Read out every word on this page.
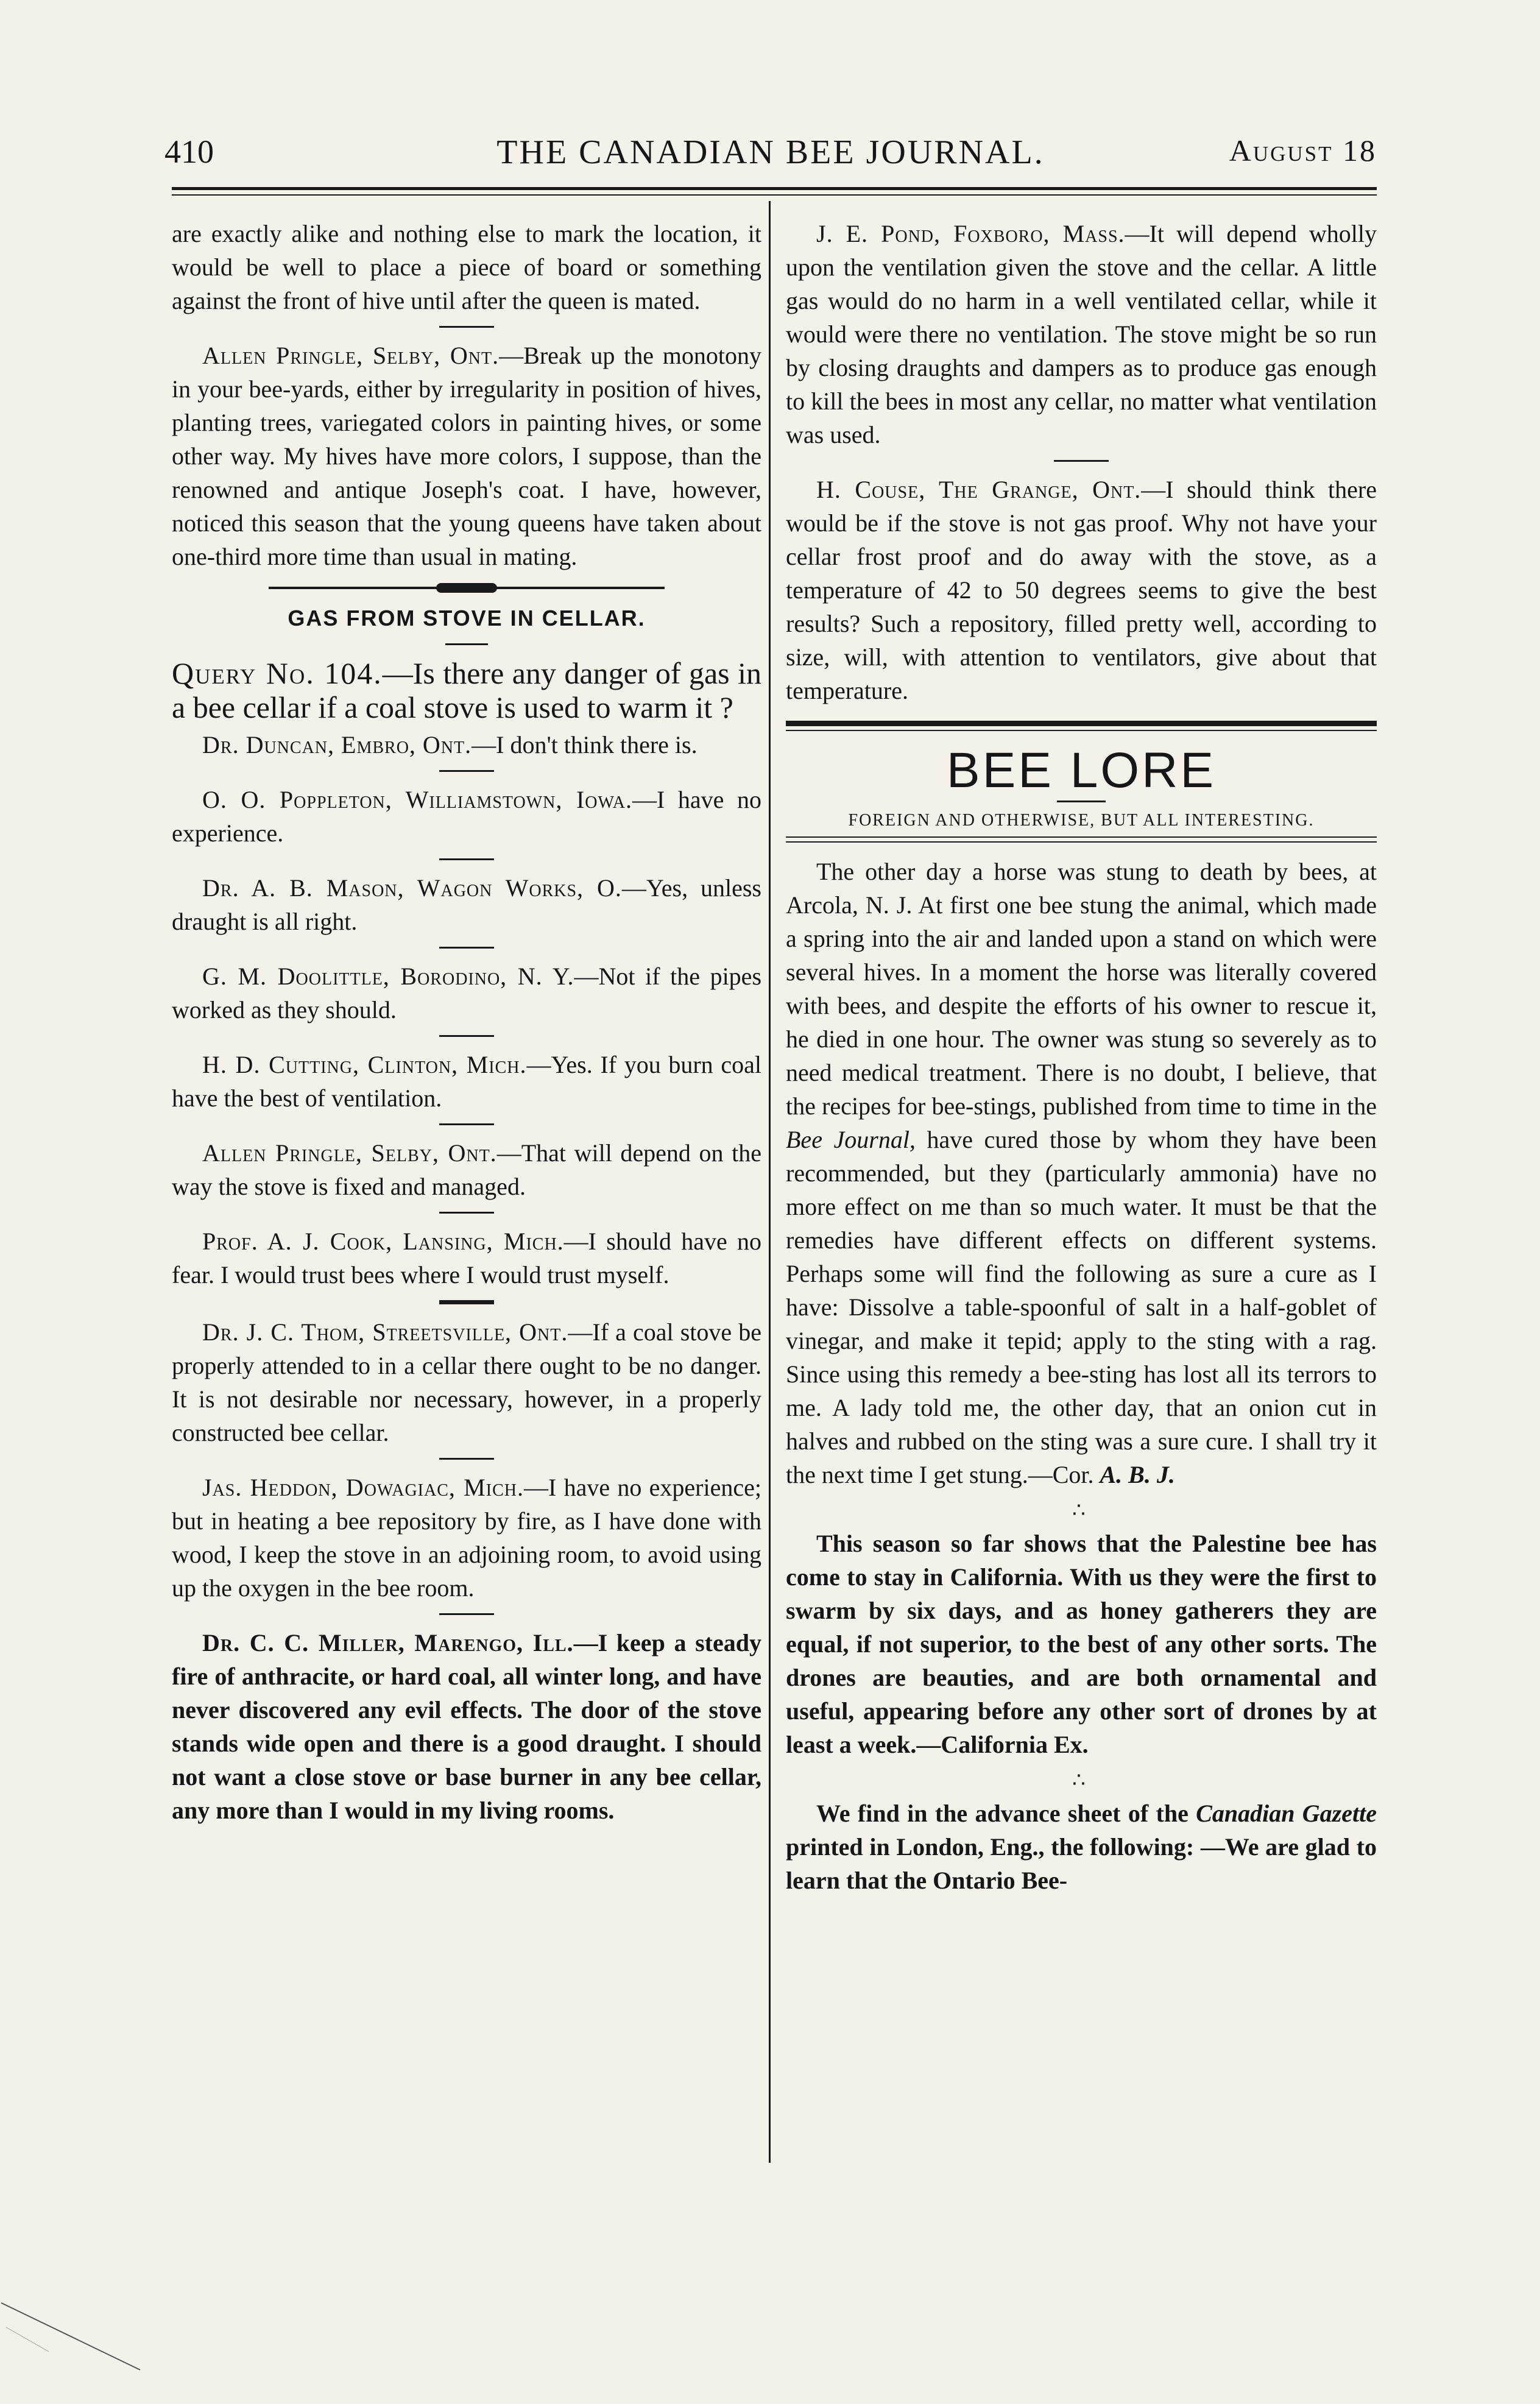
410	THE CANADIAN BEE JOURNAL.	August 18

are exactly alike and nothing else to mark the location, it would be well to place a piece of board or something against the front of hive until after the queen is mated.

Allen Pringle, Selby, Ont.—Break up the monotony in your bee-yards, either by irregularity in position of hives, planting trees, variegated colors in painting hives, or some other way. My hives have more colors, I suppose, than the renowned and antique Joseph's coat. I have, however, noticed this season that the young queens have taken about one-third more time than usual in mating.

GAS FROM STOVE IN CELLAR.

Query No. 104.—Is there any danger of gas in a bee cellar if a coal stove is used to warm it ?

Dr. Duncan, Embro, Ont.—I don't think there is.

O. O. Poppleton, Williamstown, Iowa.—I have no experience.

Dr. A. B. Mason, Wagon Works, O.—Yes, unless draught is all right.

G. M. Doolittle, Borodino, N. Y.—Not if the pipes worked as they should.

H. D. Cutting, Clinton, Mich.—Yes. If you burn coal have the best of ventilation.

Allen Pringle, Selby, Ont.—That will depend on the way the stove is fixed and managed.

Prof. A. J. Cook, Lansing, Mich.—I should have no fear. I would trust bees where I would trust myself.

Dr. J. C. Thom, Streetsville, Ont.—If a coal stove be properly attended to in a cellar there ought to be no danger. It is not desirable nor necessary, however, in a properly constructed bee cellar.

Jas. Heddon, Dowagiac, Mich.—I have no experience; but in heating a bee repository by fire, as I have done with wood, I keep the stove in an adjoining room, to avoid using up the oxygen in the bee room.

Dr. C. C. Miller, Marengo, Ill.—I keep a steady fire of anthracite, or hard coal, all winter long, and have never discovered any evil effects. The door of the stove stands wide open and there is a good draught. I should not want a close stove or base burner in any bee cellar, any more than I would in my living rooms.

J. E. Pond, Foxboro, Mass.—It will depend wholly upon the ventilation given the stove and the cellar. A little gas would do no harm in a well ventilated cellar, while it would were there no ventilation. The stove might be so run by closing draughts and dampers as to produce gas enough to kill the bees in most any cellar, no matter what ventilation was used.

H. Couse, The Grange, Ont.—I should think there would be if the stove is not gas proof. Why not have your cellar frost proof and do away with the stove, as a temperature of 42 to 50 degrees seems to give the best results? Such a repository, filled pretty well, according to size, will, with attention to ventilators, give about that temperature.

BEE LORE
FOREIGN AND OTHERWISE, BUT ALL INTERESTING.

The other day a horse was stung to death by bees, at Arcola, N. J. At first one bee stung the animal, which made a spring into the air and landed upon a stand on which were several hives. In a moment the horse was literally covered with bees, and despite the efforts of his owner to rescue it, he died in one hour. The owner was stung so severely as to need medical treatment. There is no doubt, I believe, that the recipes for bee-stings, published from time to time in the Bee Journal, have cured those by whom they have been recommended, but they (particularly ammonia) have no more effect on me than so much water. It must be that the remedies have different effects on different systems. Perhaps some will find the following as sure a cure as I have: Dissolve a table-spoonful of salt in a half-goblet of vinegar, and make it tepid; apply to the sting with a rag. Since using this remedy a bee-sting has lost all its terrors to me. A lady told me, the other day, that an onion cut in halves and rubbed on the sting was a sure cure. I shall try it the next time I get stung.—Cor. A. B. J.

∴

This season so far shows that the Palestine bee has come to stay in California. With us they were the first to swarm by six days, and as honey gatherers they are equal, if not superior, to the best of any other sorts. The drones are beauties, and are both ornamental and useful, appearing before any other sort of drones by at least a week.—California Ex.

∴

We find in the advance sheet of the Canadian Gazette printed in London, Eng., the following: —We are glad to learn that the Ontario Bee-
